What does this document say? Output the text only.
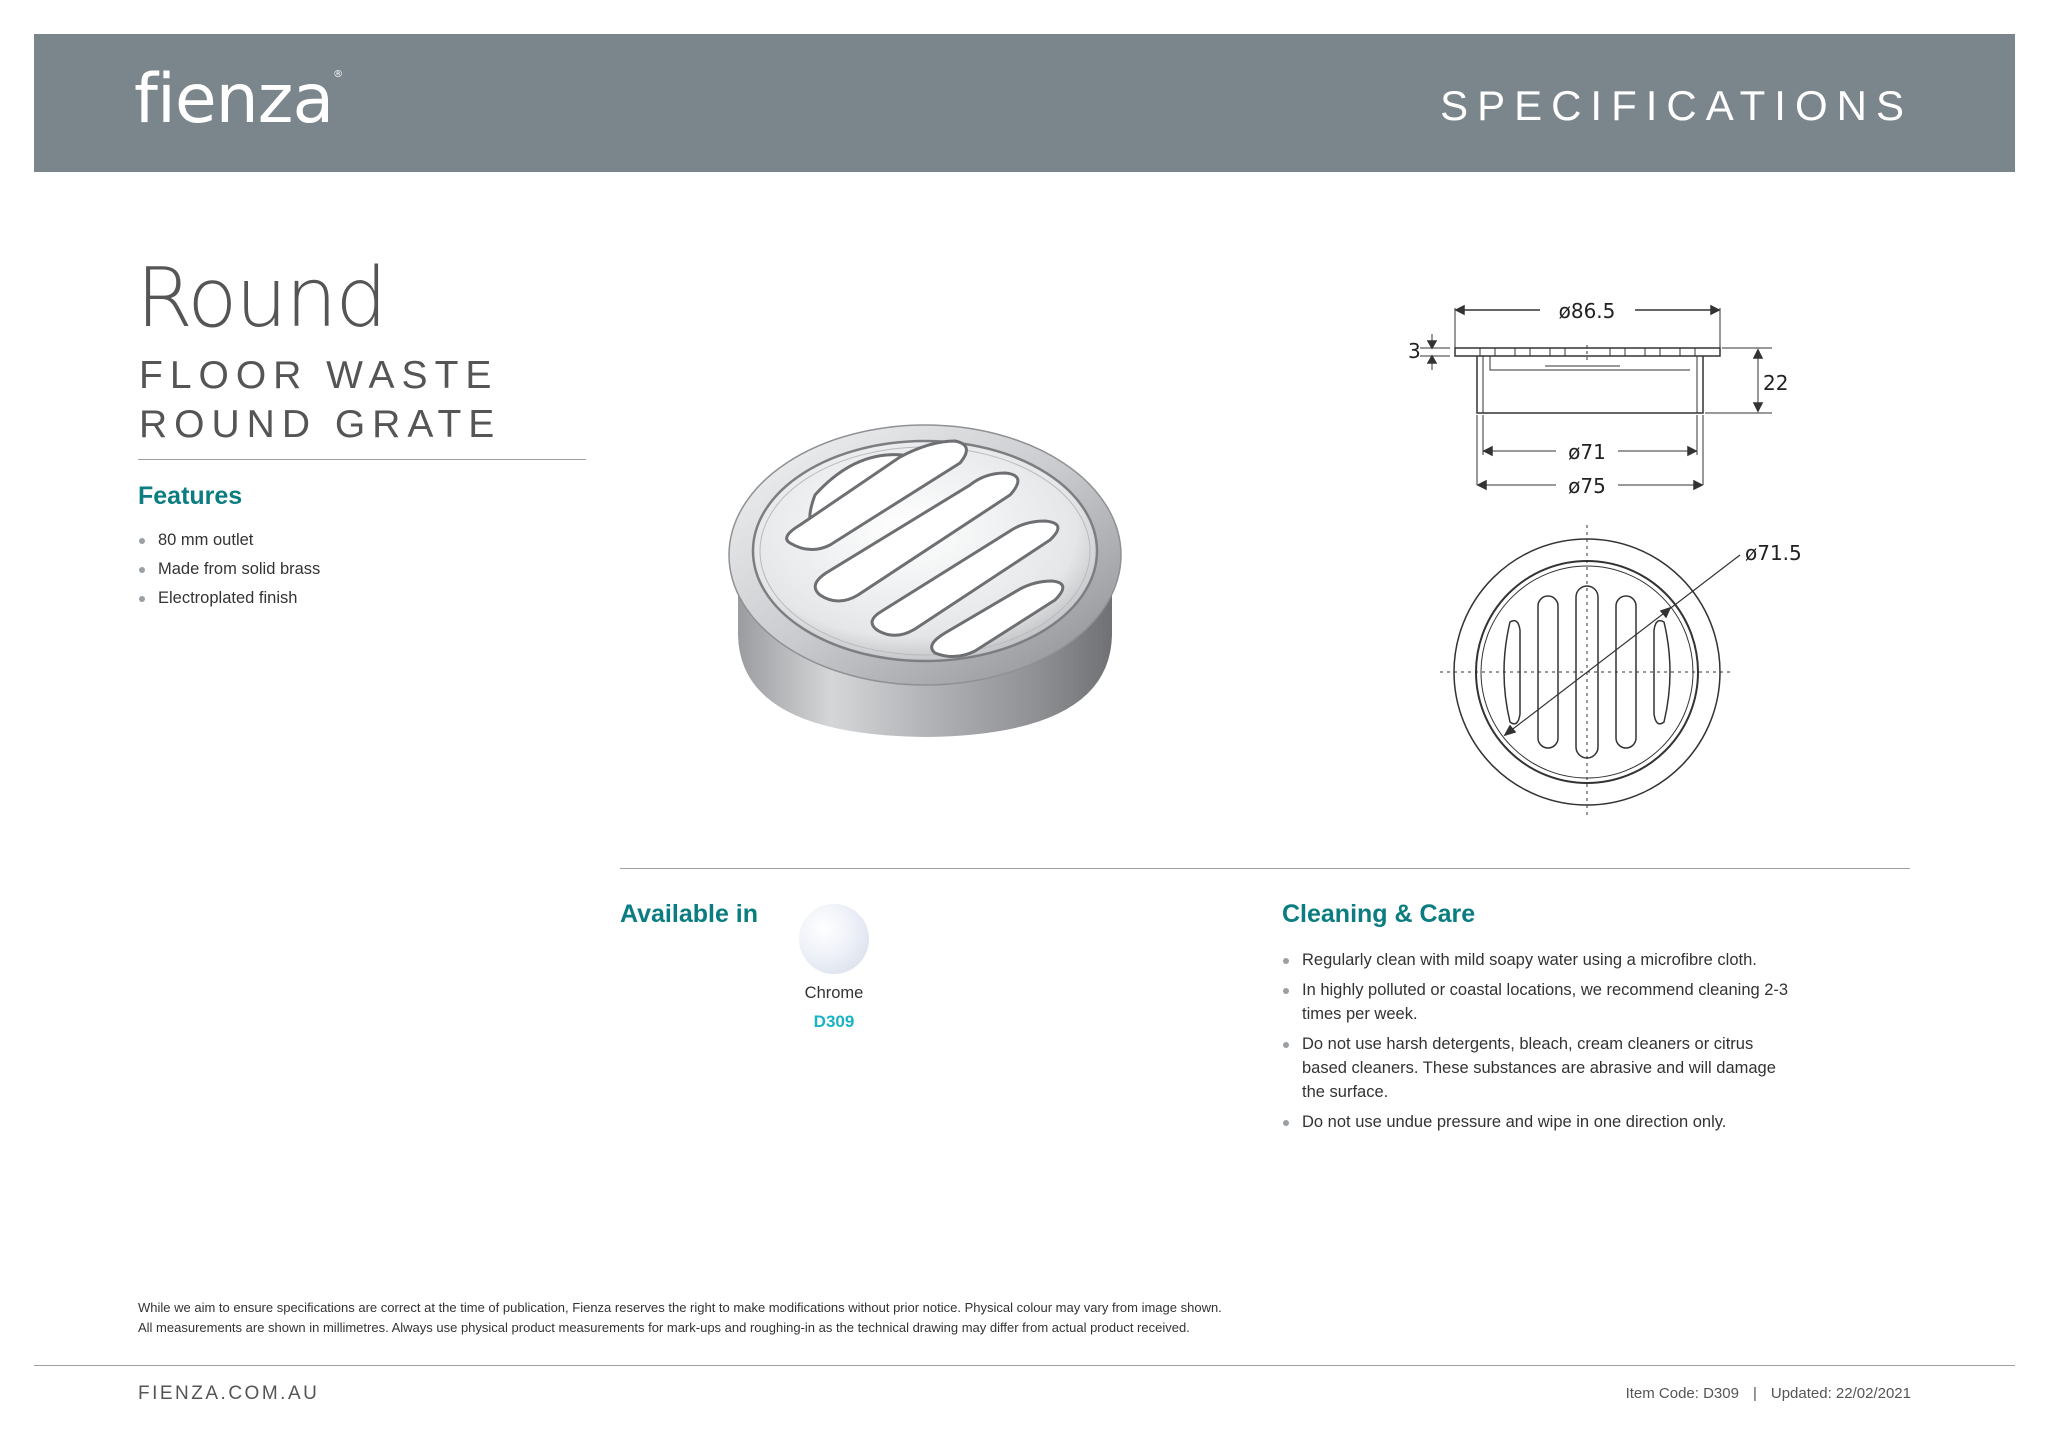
fienza®
SPECIFICATIONS
Round
FLOOR WASTE
ROUND GRATE
Features
80 mm outlet
Made from solid brass
Electroplated finish
ø86.5
3
22
ø71
ø75
ø71.5
Available in
Chrome
D309
Cleaning & Care
Regularly clean with mild soapy water using a microfibre cloth.
In highly polluted or coastal locations, we recommend cleaning 2-3 times per week.
Do not use harsh detergents, bleach, cream cleaners or citrus based cleaners. These substances are abrasive and will damage the surface.
Do not use undue pressure and wipe in one direction only.
While we aim to ensure specifications are correct at the time of publication, Fienza reserves the right to make modifications without prior notice. Physical colour may vary from image shown.
All measurements are shown in millimetres. Always use physical product measurements for mark-ups and roughing-in as the technical drawing may differ from actual product received.
FIENZA.COM.AU	Item Code: D309 | Updated: 22/02/2021
